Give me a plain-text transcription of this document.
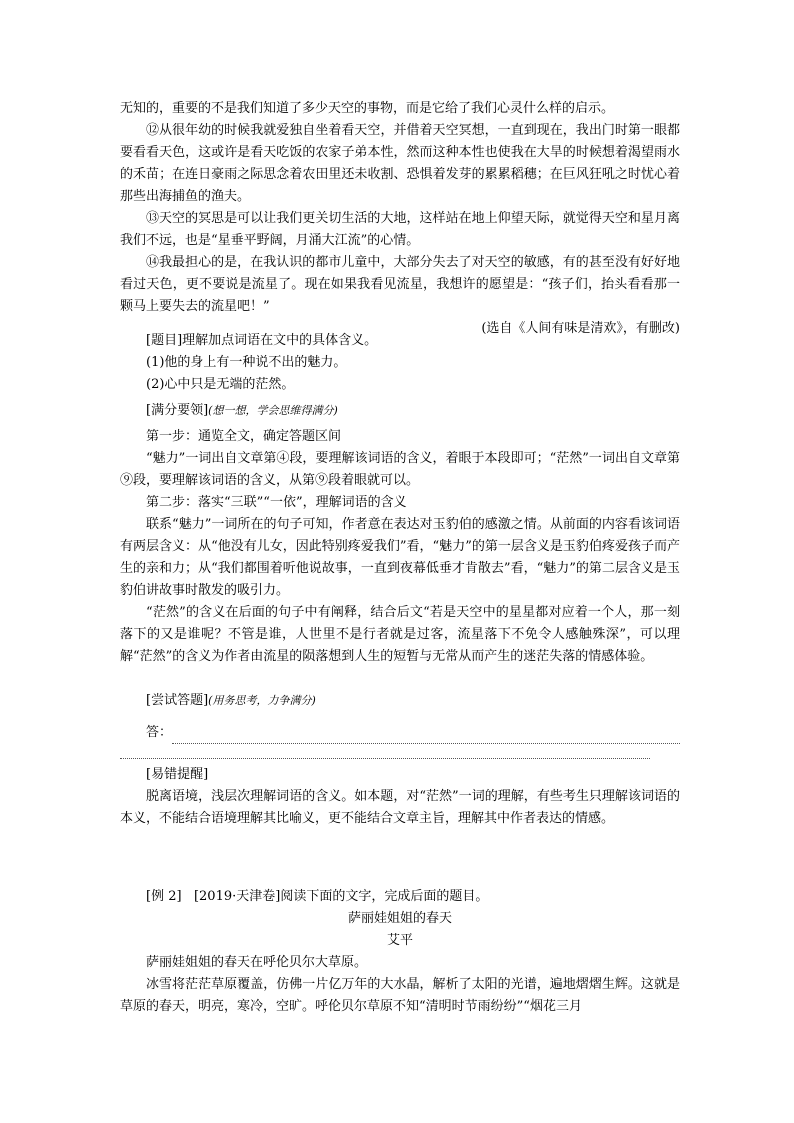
无知的，重要的不是我们知道了多少天空的事物，而是它给了我们心灵什么样的启示。

⑫从很年幼的时候我就爱独自坐着看天空，并借着天空冥想，一直到现在，我出门时第一眼都要看看天色，这或许是看天吃饭的农家子弟本性，然而这种本性也使我在大旱的时候想着渴望雨水的禾苗；在连日豪雨之际思念着农田里还未收割、恐惧着发芽的累累稻穗；在巨风狂吼之时忧心着那些出海捕鱼的渔夫。

⑬天空的冥思是可以让我们更关切生活的大地，这样站在地上仰望天际，就觉得天空和星月离我们不远，也是“星垂平野阔，月涌大江流”的心情。

⑭我最担心的是，在我认识的都市儿童中，大部分失去了对天空的敏感，有的甚至没有好好地看过天色，更不要说是流星了。现在如果我看见流星，我想许的愿望是：“孩子们，抬头看看那一颗马上要失去的流星吧！”

(选自《人间有味是清欢》，有删改)

[题目]理解加点词语在文中的具体含义。

(1)他的身上有一种说不出的魅力。

(2)心中只是无端的茫然。

[满分要领](想一想，学会思维得满分)

第一步：通览全文，确定答题区间

“魅力”一词出自文章第④段，要理解该词语的含义，着眼于本段即可；“茫然”一词出自文章第⑨段，要理解该词语的含义，从第⑨段着眼就可以。

第二步：落实“三联”“一依”，理解词语的含义

联系“魅力”一词所在的句子可知，作者意在表达对玉豹伯的感激之情。从前面的内容看该词语有两层含义：从“他没有儿女，因此特别疼爱我们”看，“魅力”的第一层含义是玉豹伯疼爱孩子而产生的亲和力；从“我们都围着听他说故事，一直到夜幕低垂才肯散去”看，“魅力”的第二层含义是玉豹伯讲故事时散发的吸引力。

“茫然”的含义在后面的句子中有阐释，结合后文“若是天空中的星星都对应着一个人，那一刻落下的又是谁呢？不管是谁，人世里不是行者就是过客，流星落下不免令人感触殊深”，可以理解“茫然”的含义为作者由流星的陨落想到人生的短暂与无常从而产生的迷茫失落的情感体验。

[尝试答题](用务思考，力争满分)

答：

[易错提醒]

脱离语境，浅层次理解词语的含义。如本题，对“茫然”一词的理解，有些考生只理解该词语的本义，不能结合语境理解其比喻义，更不能结合文章主旨，理解其中作者表达的情感。

[例 2] [2019·天津卷]阅读下面的文字，完成后面的题目。

萨丽娃姐姐的春天

艾平

萨丽娃姐姐的春天在呼伦贝尔大草原。

冰雪将茫茫草原覆盖，仿佛一片亿万年的大水晶，解析了太阳的光谱，遍地熠熠生辉。这就是草原的春天，明亮，寒冷，空旷。呼伦贝尔草原不知“清明时节雨纷纷”“烟花三月
